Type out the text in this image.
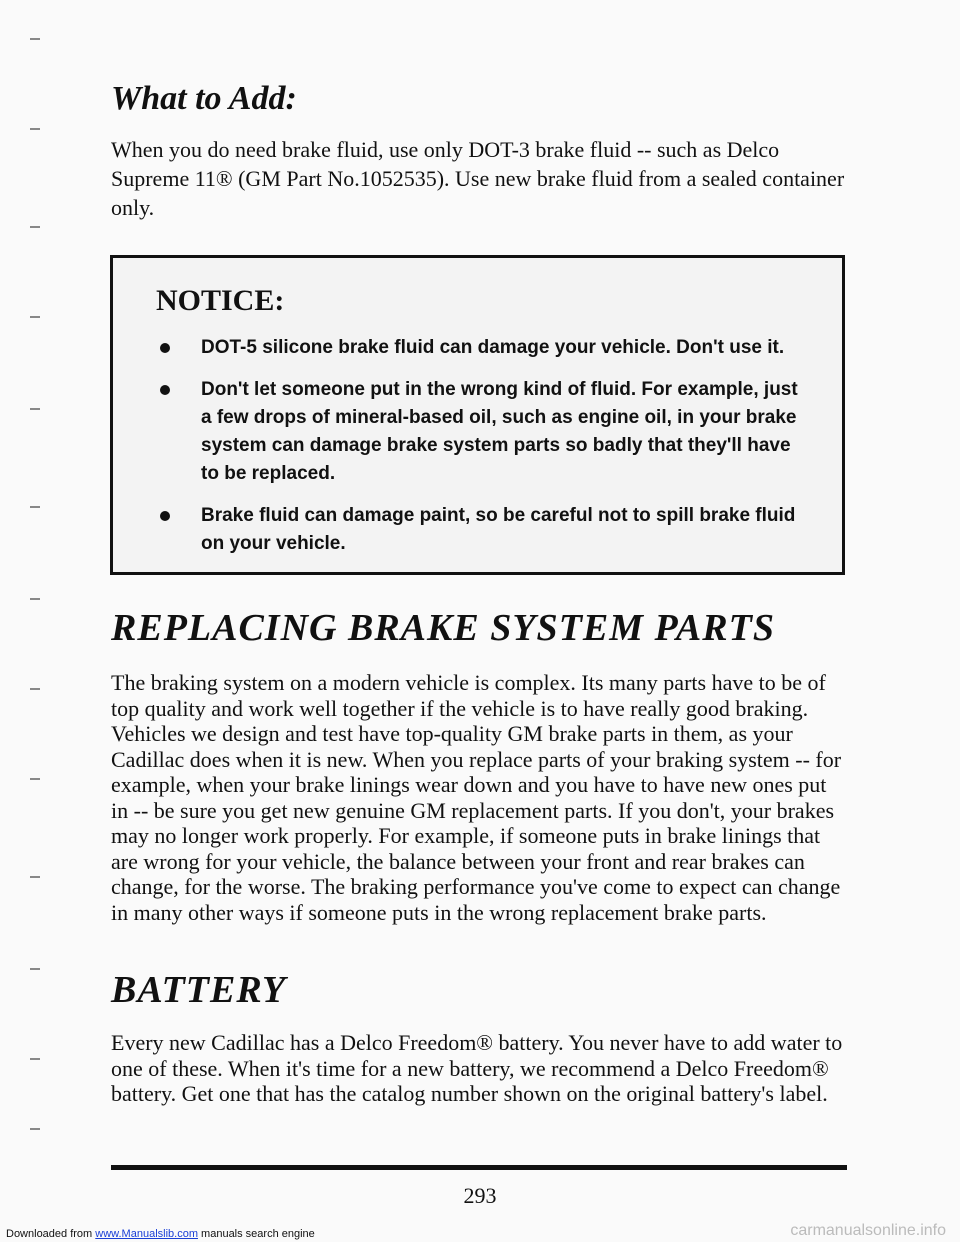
What to Add:

When you do need brake fluid, use only DOT-3 brake fluid -- such as Delco Supreme 11® (GM Part No.1052535). Use new brake fluid from a sealed container only.

NOTICE:
DOT-5 silicone brake fluid can damage your vehicle. Don't use it.
Don't let someone put in the wrong kind of fluid. For example, just a few drops of mineral-based oil, such as engine oil, in your brake system can damage brake system parts so badly that they'll have to be replaced.
Brake fluid can damage paint, so be careful not to spill brake fluid on your vehicle.
REPLACING BRAKE SYSTEM PARTS

The braking system on a modern vehicle is complex. Its many parts have to be of top quality and work well together if the vehicle is to have really good braking. Vehicles we design and test have top-quality GM brake parts in them, as your Cadillac does when it is new. When you replace parts of your braking system -- for example, when your brake linings wear down and you have to have new ones put in -- be sure you get new genuine GM replacement parts. If you don't, your brakes may no longer work properly. For example, if someone puts in brake linings that are wrong for your vehicle, the balance between your front and rear brakes can change, for the worse. The braking performance you've come to expect can change in many other ways if someone puts in the wrong replacement brake parts.

BATTERY

Every new Cadillac has a Delco Freedom® battery. You never have to add water to one of these. When it's time for a new battery, we recommend a Delco Freedom® battery. Get one that has the catalog number shown on the original battery's label.

293

Downloaded from www.Manualslib.com manuals search engine	carmanualsonline.info
